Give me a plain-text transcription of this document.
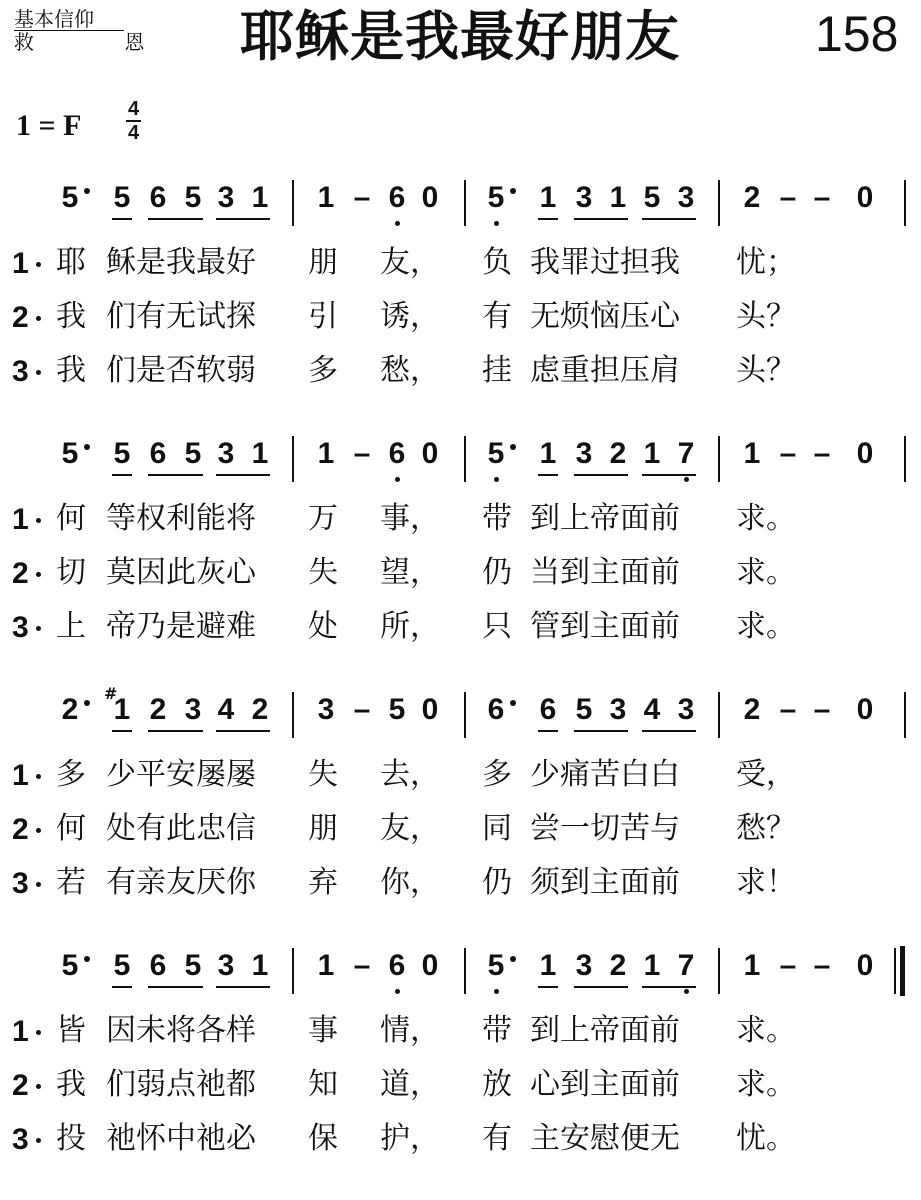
基本信仰
救 恩 耶稣是我最好朋友	158
1 = F $\frac{4}{4}$
5 5 6 5 3 1 1 – 6 0 5 1 3 1 5 3 2 – – 0
1 耶 稣是我最好 朋 友， 负 我罪过担我 忧；
2 我 们有无试探 引 诱， 有 无烦恼压心 头？
3 我 们是否软弱 多 愁， 挂 虑重担压肩 头？
5 5 6 5 3 1 1 – 6 0 5 1 3 2 1 7 1 – – 0
1 何 等权利能将 万 事， 带 到上帝面前 求。
2 切 莫因此灰心 失 望， 仍 当到主面前 求。
3 上 帝乃是避难 处 所， 只 管到主面前 求。
2 1
# 2 3 4 2 3 – 5 0 6 6 5 3 4 3 2 – – 0
1 多 少平安屡屡 失 去， 多 少痛苦白白 受，
2 何 处有此忠信 朋 友， 同 尝一切苦与 愁？
3 若 有亲友厌你 弃 你， 仍 须到主面前 求！
5 5 6 5 3 1 1 – 6 0 5 1 3 2 1 7 1 – – 0
1 皆 因未将各样 事 情， 带 到上帝面前 求。
2 我 们弱点祂都 知 道， 放 心到主面前 求。
3 投 祂怀中祂必 保 护， 有 主安慰便无 忧。
